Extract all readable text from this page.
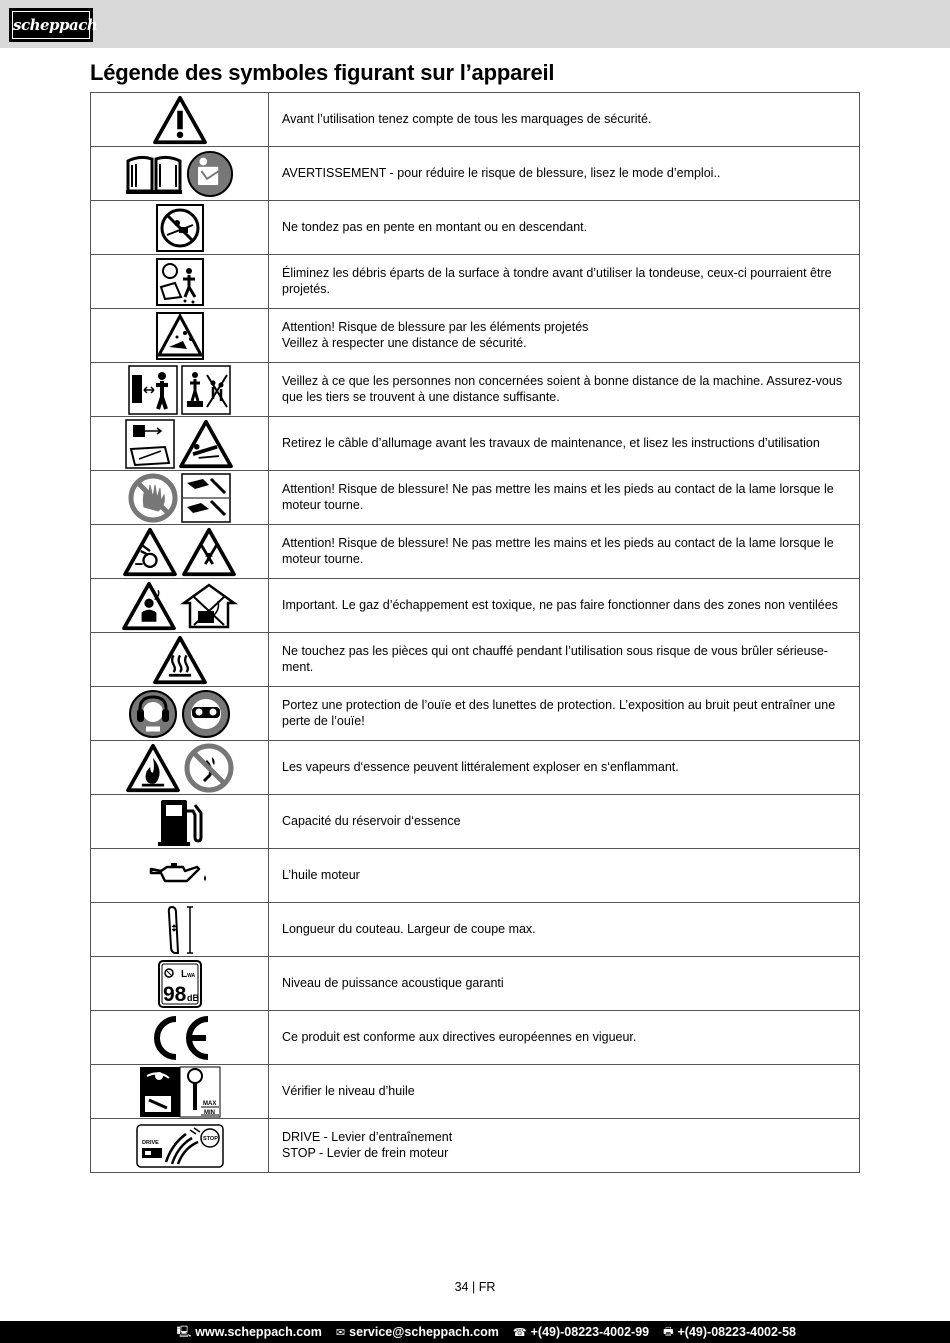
scheppach
Légende des symboles figurant sur l’appareil

Avant l’utilisation tenez compte de tous les marquages de sécurité.

AVERTISSEMENT - pour réduire le risque de blessure, lisez le mode d’emploi..

Ne tondez pas en pente en montant ou en descendant.

Éliminez les débris éparts de la surface à tondre avant d’utiliser la tondeuse, ceux-ci pourraient être projetés.

Attention! Risque de blessure par les éléments projetés
Veillez à respecter une distance de sécurité.

Veillez à ce que les personnes non concernées soient à bonne distance de la machine. Assurez-vous que les tiers se trouvent à une distance suffisante.

Retirez le câble d’allumage avant les travaux de maintenance, et lisez les instructions d’utilisation

Attention! Risque de blessure! Ne pas mettre les mains et les pieds au contact de la lame lorsque le moteur tourne.

Attention! Risque de blessure! Ne pas mettre les mains et les pieds au contact de la lame lorsque le moteur tourne.

Important. Le gaz d’échappement est toxique, ne pas faire fonctionner dans des zones non ventilées

Ne touchez pas les pièces qui ont chauffé pendant l’utilisation sous risque de vous brûler sérieuse-ment.

Portez une protection de l’ouïe et des lunettes de protection. L’exposition au bruit peut entraîner une perte de l’ouïe!

Les vapeurs d‘essence peuvent littéralement exploser en s‘enflammant.

Capacité du réservoir d‘essence

L’huile moteur

Longueur du couteau. Largeur de coupe max.

LWA
98 dB	Niveau de puissance acoustique garanti

Ce produit est conforme aux directives européennes en vigueur.

MAX
MIN	Vérifier le niveau d’huile

STOP
DRIVE	DRIVE - Levier d’entraînement
STOP - Levier de frein moteur
34 | FR
🖳 www.scheppach.com ✉ service@scheppach.com ☎ +(49)-08223-4002-99 🖶 +(49)-08223-4002-58
